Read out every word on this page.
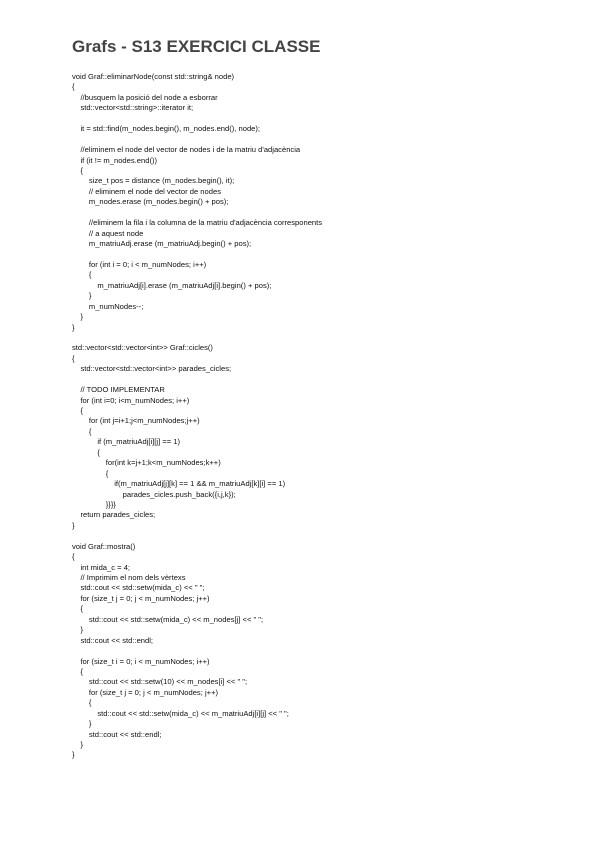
Grafs - S13 EXERCICI CLASSE
void Graf::eliminarNode(const std::string& node)
{
//busquem la posició del node a esborrar
std::vector<std::string>::iterator it;
it = std::find(m_nodes.begin(), m_nodes.end(), node);
//eliminem el node del vector de nodes i de la matriu d'adjacència
if (it != m_nodes.end())
{
size_t pos = distance (m_nodes.begin(), it);
// eliminem el node del vector de nodes
m_nodes.erase (m_nodes.begin() + pos);
//eliminem la fila i la columna de la matriu d'adjacència corresponents
// a aquest node
m_matriuAdj.erase (m_matriuAdj.begin() + pos);
for (int i = 0; i < m_numNodes; i++)
{
m_matriuAdj[i].erase (m_matriuAdj[i].begin() + pos);
}
m_numNodes--;
}
}
std::vector<std::vector<int>> Graf::cicles()
{
std::vector<std::vector<int>> parades_cicles;
// TODO IMPLEMENTAR
for (int i=0; i<m_numNodes; i++)
{
for (int j=i+1;j<m_numNodes;j++)
{
if (m_matriuAdj[i][j] == 1)
{
for(int k=j+1;k<m_numNodes;k++)
{
if(m_matriuAdj[j][k] == 1 && m_matriuAdj[k][i] == 1)
parades_cicles.push_back({i,j,k});
}}}}
return parades_cicles;
}
void Graf::mostra()
{
int mida_c = 4;
// Imprimim el nom dels vèrtexs
std::cout << std::setw(mida_c) << " ";
for (size_t j = 0; j < m_numNodes; j++)
{
std::cout << std::setw(mida_c) << m_nodes[j] << " ";
}
std::cout << std::endl;
for (size_t i = 0; i < m_numNodes; i++)
{
std::cout << std::setw(10) << m_nodes[i] << " ";
for (size_t j = 0; j < m_numNodes; j++)
{
std::cout << std::setw(mida_c) << m_matriuAdj[i][j] << " ";
}
std::cout << std::endl;
}
}
